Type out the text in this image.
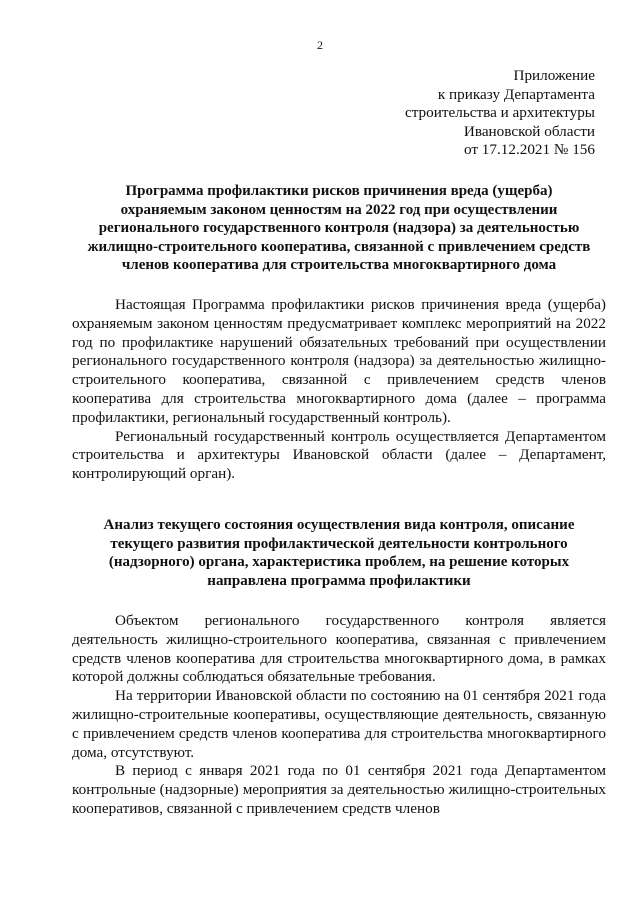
2
Приложение
к приказу Департамента
строительства и архитектуры
Ивановской области
от 17.12.2021 № 156
Программа профилактики рисков причинения вреда (ущерба)
охраняемым законом ценностям на 2022 год при осуществлении
регионального государственного контроля (надзора) за деятельностью
жилищно-строительного кооператива, связанной с привлечением средств
членов кооператива для строительства многоквартирного дома

Настоящая Программа профилактики рисков причинения вреда (ущерба) охраняемым законом ценностям предусматривает комплекс мероприятий на 2022 год по профилактике нарушений обязательных требований при осуществлении регионального государственного контроля (надзора) за деятельностью жилищно-строительного кооператива, связанной с привлечением средств членов кооператива для строительства многоквартирного дома (далее – программа профилактики, региональный государственный контроль).

Региональный государственный контроль осуществляется Департаментом строительства и архитектуры Ивановской области (далее – Департамент, контролирующий орган).

Анализ текущего состояния осуществления вида контроля, описание
текущего развития профилактической деятельности контрольного
(надзорного) органа, характеристика проблем, на решение которых
направлена программа профилактики

Объектом регионального государственного контроля является деятельность жилищно-строительного кооператива, связанная с привлечением средств членов кооператива для строительства многоквартирного дома, в рамках которой должны соблюдаться обязательные требования.

На территории Ивановской области по состоянию на 01 сентября 2021 года жилищно-строительные кооперативы, осуществляющие деятельность, связанную с привлечением средств членов кооператива для строительства многоквартирного дома, отсутствуют.

В период с января 2021 года по 01 сентября 2021 года Департаментом контрольные (надзорные) мероприятия за деятельностью жилищно-строительных кооперативов, связанной с привлечением средств членов
